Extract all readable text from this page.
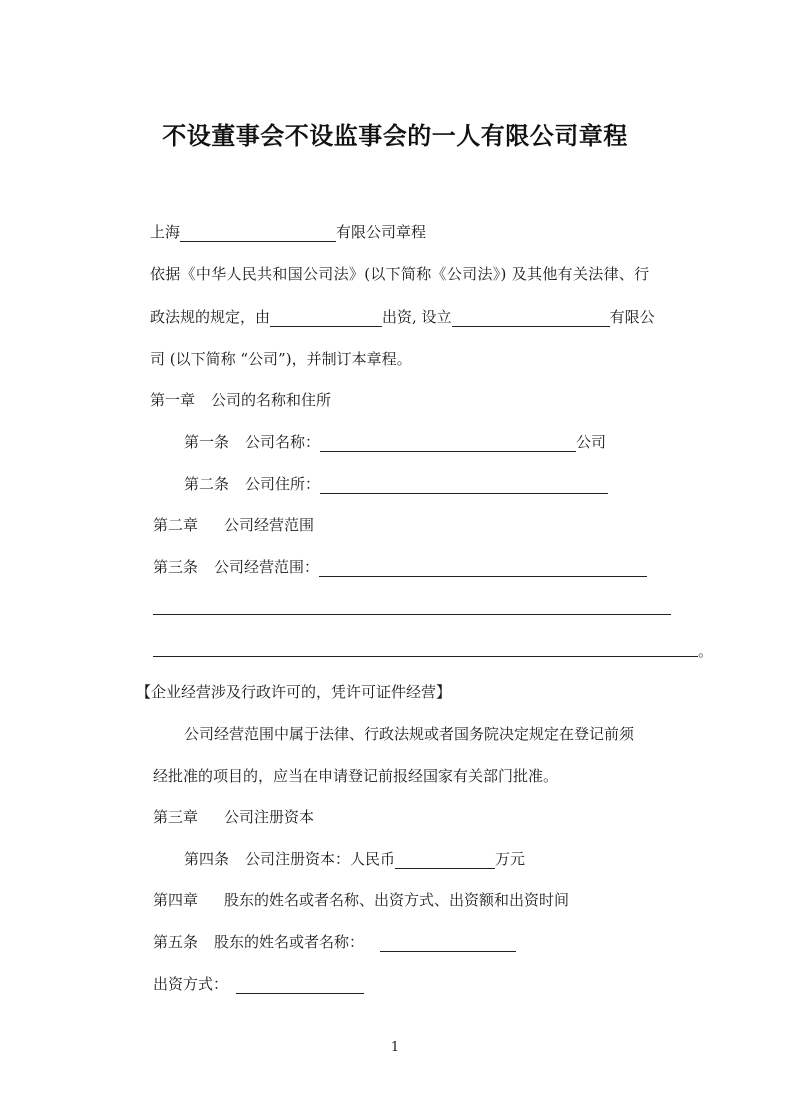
不设董事会不设监事会的一人有限公司章程
上海	有限公司章程
依据《中华人民共和国公司法》(以下简称《公司法》) 及其他有关法律、行
政法规的规定，由	出资, 设立	有限公
司 (以下简称 “公司”)，并制订本章程。
第一章 公司的名称和住所
第一条 公司名称：	公司
第二条 公司住所：
第二章 公司经营范围
第三条 公司经营范围：
。
【企业经营涉及行政许可的，凭许可证件经营】
公司经营范围中属于法律、行政法规或者国务院决定规定在登记前须
经批准的项目的，应当在申请登记前报经国家有关部门批准。
第三章 公司注册资本
第四条 公司注册资本：人民币	万元
第四章 股东的姓名或者名称、出资方式、出资额和出资时间
第五条 股东的姓名或者名称：
出资方式：
1
